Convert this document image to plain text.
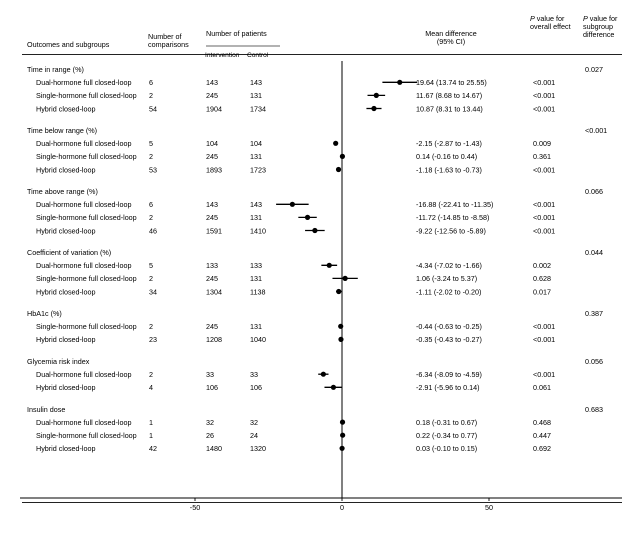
Outcomes and subgroups
Number of comparisons
Number of patients
Intervention	Control
Mean difference (95% CI)
P value for overall effect
P value for subgroup difference
Time in range (%)	0.027
Dual-hormone full closed-loop 6	143	143	19.64 (13.74 to 25.55)	<0.001
Single-hormone full closed-loop 2	245	131	11.67 (8.68 to 14.67)	<0.001
Hybrid closed-loop	54	1904	1734	10.87 (8.31 to 13.44)	<0.001
Time below range (%)	<0.001
Dual-hormone full closed-loop 5	104	104	-2.15 (-2.87 to -1.43)	0.009
Single-hormone full closed-loop 2	245	131	0.14 (-0.16 to 0.44)	0.361
Hybrid closed-loop	53	1893	1723	-1.18 (-1.63 to -0.73)	<0.001
Time above range (%)	0.066
Dual-hormone full closed-loop 6	143	143	-16.88 (-22.41 to -11.35)	<0.001
Single-hormone full closed-loop 2	245	131	-11.72 (-14.85 to -8.58)	<0.001
Hybrid closed-loop	46	1591	1410	-9.22 (-12.56 to -5.89)	<0.001
Coefficient of variation (%)	0.044
Dual-hormone full closed-loop 5	133	133	-4.34 (-7.02 to -1.66)	0.002
Single-hormone full closed-loop 2	245	131	1.06 (-3.24 to 5.37)	0.628
Hybrid closed-loop	34	1304	1138	-1.11 (-2.02 to -0.20)	0.017
HbA1c (%)	0.387
Single-hormone full closed-loop 2	245	131	-0.44 (-0.63 to -0.25)	<0.001
Hybrid closed-loop	23	1208	1040	-0.35 (-0.43 to -0.27)	<0.001
Glycemia risk index	0.056
Dual-hormone full closed-loop 2	33	33	-6.34 (-8.09 to -4.59)	<0.001
Hybrid closed-loop	4	106	106	-2.91 (-5.96 to 0.14)	0.061
Insulin dose	0.683
Dual-hormone full closed-loop 1	32	32	0.18 (-0.31 to 0.67)	0.468
Single-hormone full closed-loop 1	26	24	0.22 (-0.34 to 0.77)	0.447
Hybrid closed-loop	42	1480	1320	0.03 (-0.10 to 0.15)	0.692
-50	0	50
